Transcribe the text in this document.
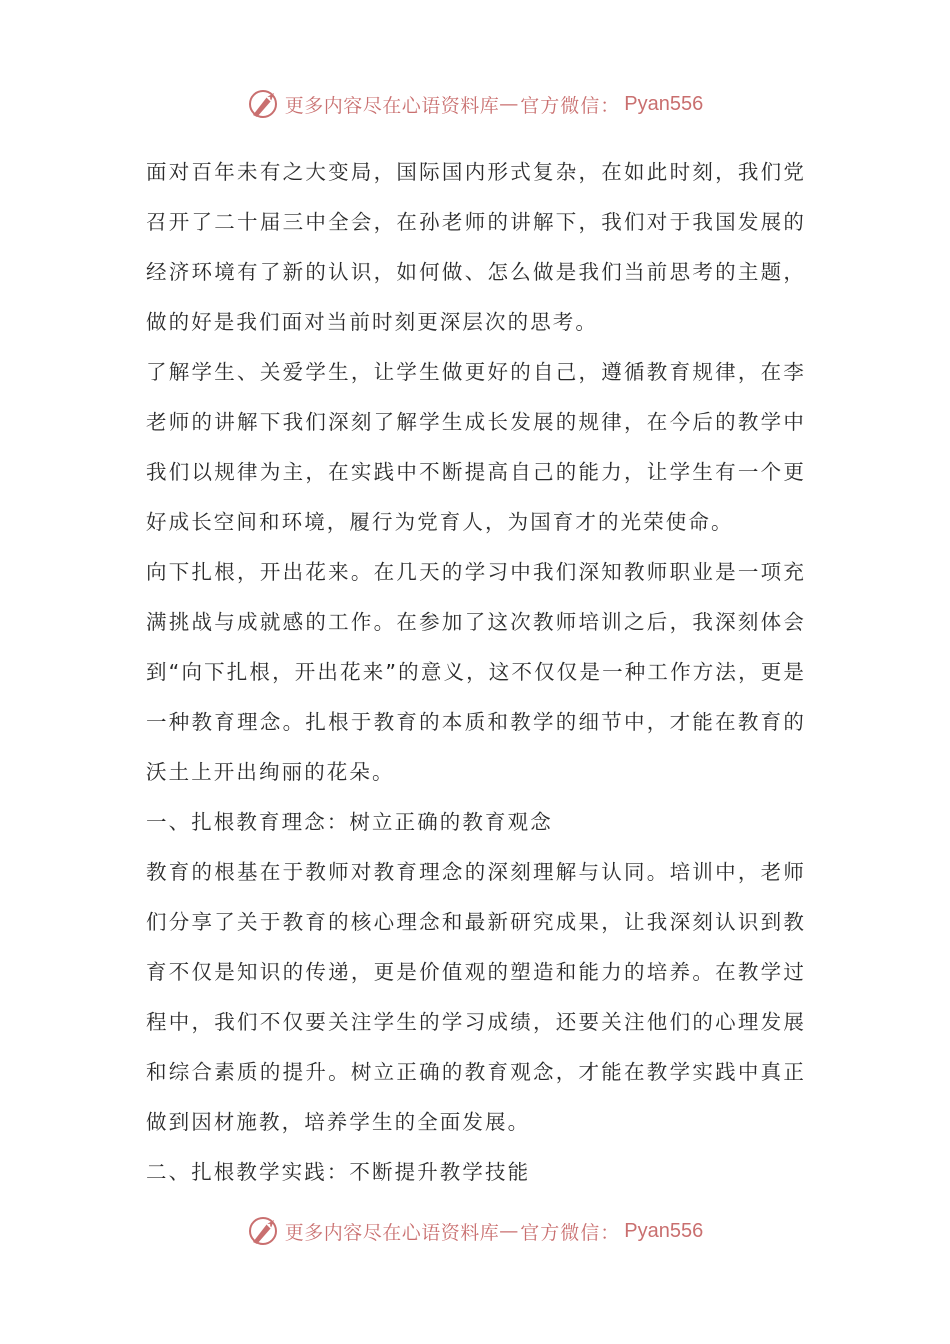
更多内容尽在心语资料库 — 官方微信： Pyan556

面对百年未有之大变局，国际国内形式复杂，在如此时刻，我们党召开了二十届三中全会，在孙老师的讲解下，我们对于我国发展的经济环境有了新的认识，如何做、怎么做是我们当前思考的主题，做的好是我们面对当前时刻更深层次的思考。

了解学生、关爱学生，让学生做更好的自己，遵循教育规律，在李老师的讲解下我们深刻了解学生成长发展的规律，在今后的教学中我们以规律为主，在实践中不断提高自己的能力，让学生有一个更好成长空间和环境，履行为党育人，为国育才的光荣使命。

向下扎根，开出花来。在几天的学习中我们深知教师职业是一项充满挑战与成就感的工作。在参加了这次教师培训之后，我深刻体会到“向下扎根，开出花来”的意义，这不仅仅是一种工作方法，更是一种教育理念。扎根于教育的本质和教学的细节中，才能在教育的沃土上开出绚丽的花朵。

一、扎根教育理念：树立正确的教育观念

教育的根基在于教师对教育理念的深刻理解与认同。培训中，老师们分享了关于教育的核心理念和最新研究成果，让我深刻认识到教育不仅是知识的传递，更是价值观的塑造和能力的培养。在教学过程中，我们不仅要关注学生的学习成绩，还要关注他们的心理发展和综合素质的提升。树立正确的教育观念，才能在教学实践中真正做到因材施教，培养学生的全面发展。

二、扎根教学实践：不断提升教学技能

更多内容尽在心语资料库 — 官方微信： Pyan556
